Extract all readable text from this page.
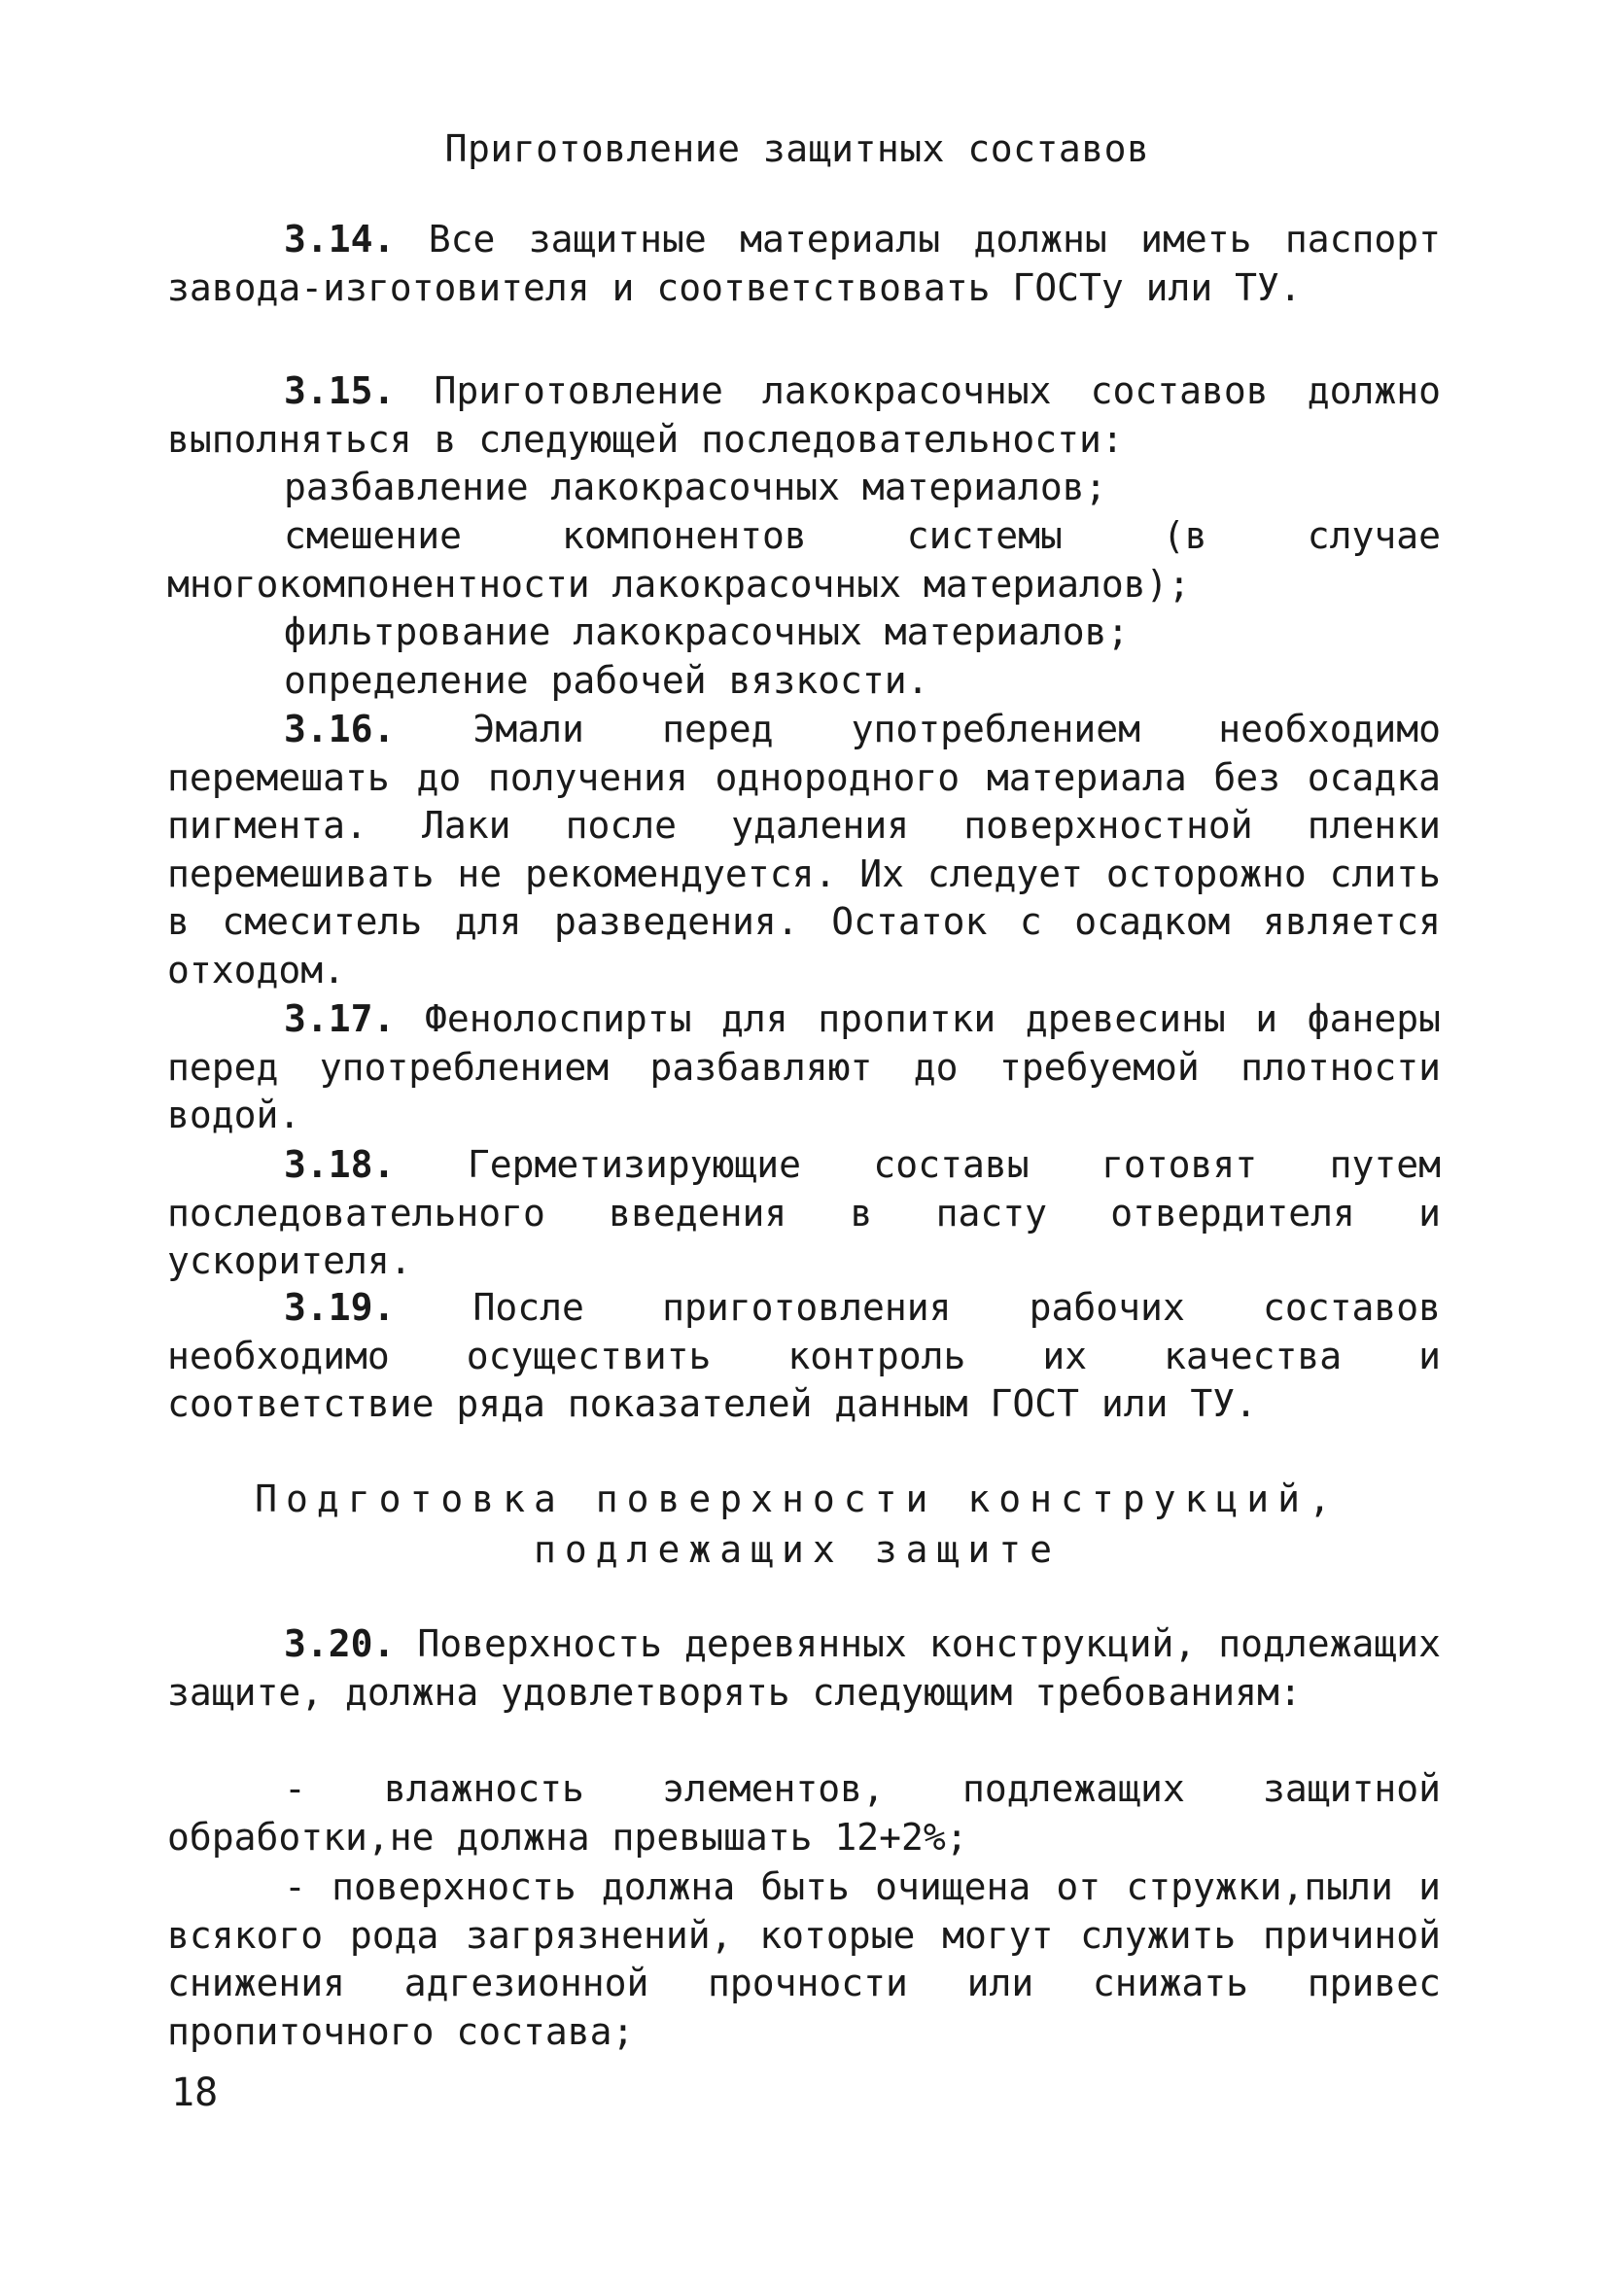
Приготовление защитных составов
3.14. Все защитные материалы должны иметь паспорт завода-изготовителя и соответствовать ГОСТу или ТУ.
3.15. Приготовление лакокрасочных составов должно выполняться в следующей последовательности:
разбавление лакокрасочных материалов;
смешение компонентов системы (в случае многокомпонентности лакокрасочных материалов);
фильтрование лакокрасочных материалов;
определение рабочей вязкости.
3.16. Эмали перед употреблением необходимо перемешать до получения однородного материала без осадка пигмента. Лаки после удаления поверхностной пленки перемешивать не рекомендуется. Их следует осторожно слить в смеситель для разведения. Остаток с осадком является отходом.
3.17. Фенолоспирты для пропитки древесины и фанеры перед употреблением разбавляют до требуемой плотности водой.
3.18. Герметизирующие составы готовят путем последовательного введения в пасту отвердителя и ускорителя.
3.19. После приготовления рабочих составов необходимо осуществить контроль их качества и соответствие ряда показателей данным ГОСТ или ТУ.
Подготовка поверхности конструкций,
подлежащих защите
3.20. Поверхность деревянных конструкций, подлежащих защите, должна удовлетворять следующим требованиям:
- влажность элементов, подлежащих защитной обработки,не должна превышать 12+2%;
- поверхность должна быть очищена от стружки,пыли и всякого рода загрязнений, которые могут служить причиной снижения адгезионной прочности или снижать привес пропиточного состава;
18
